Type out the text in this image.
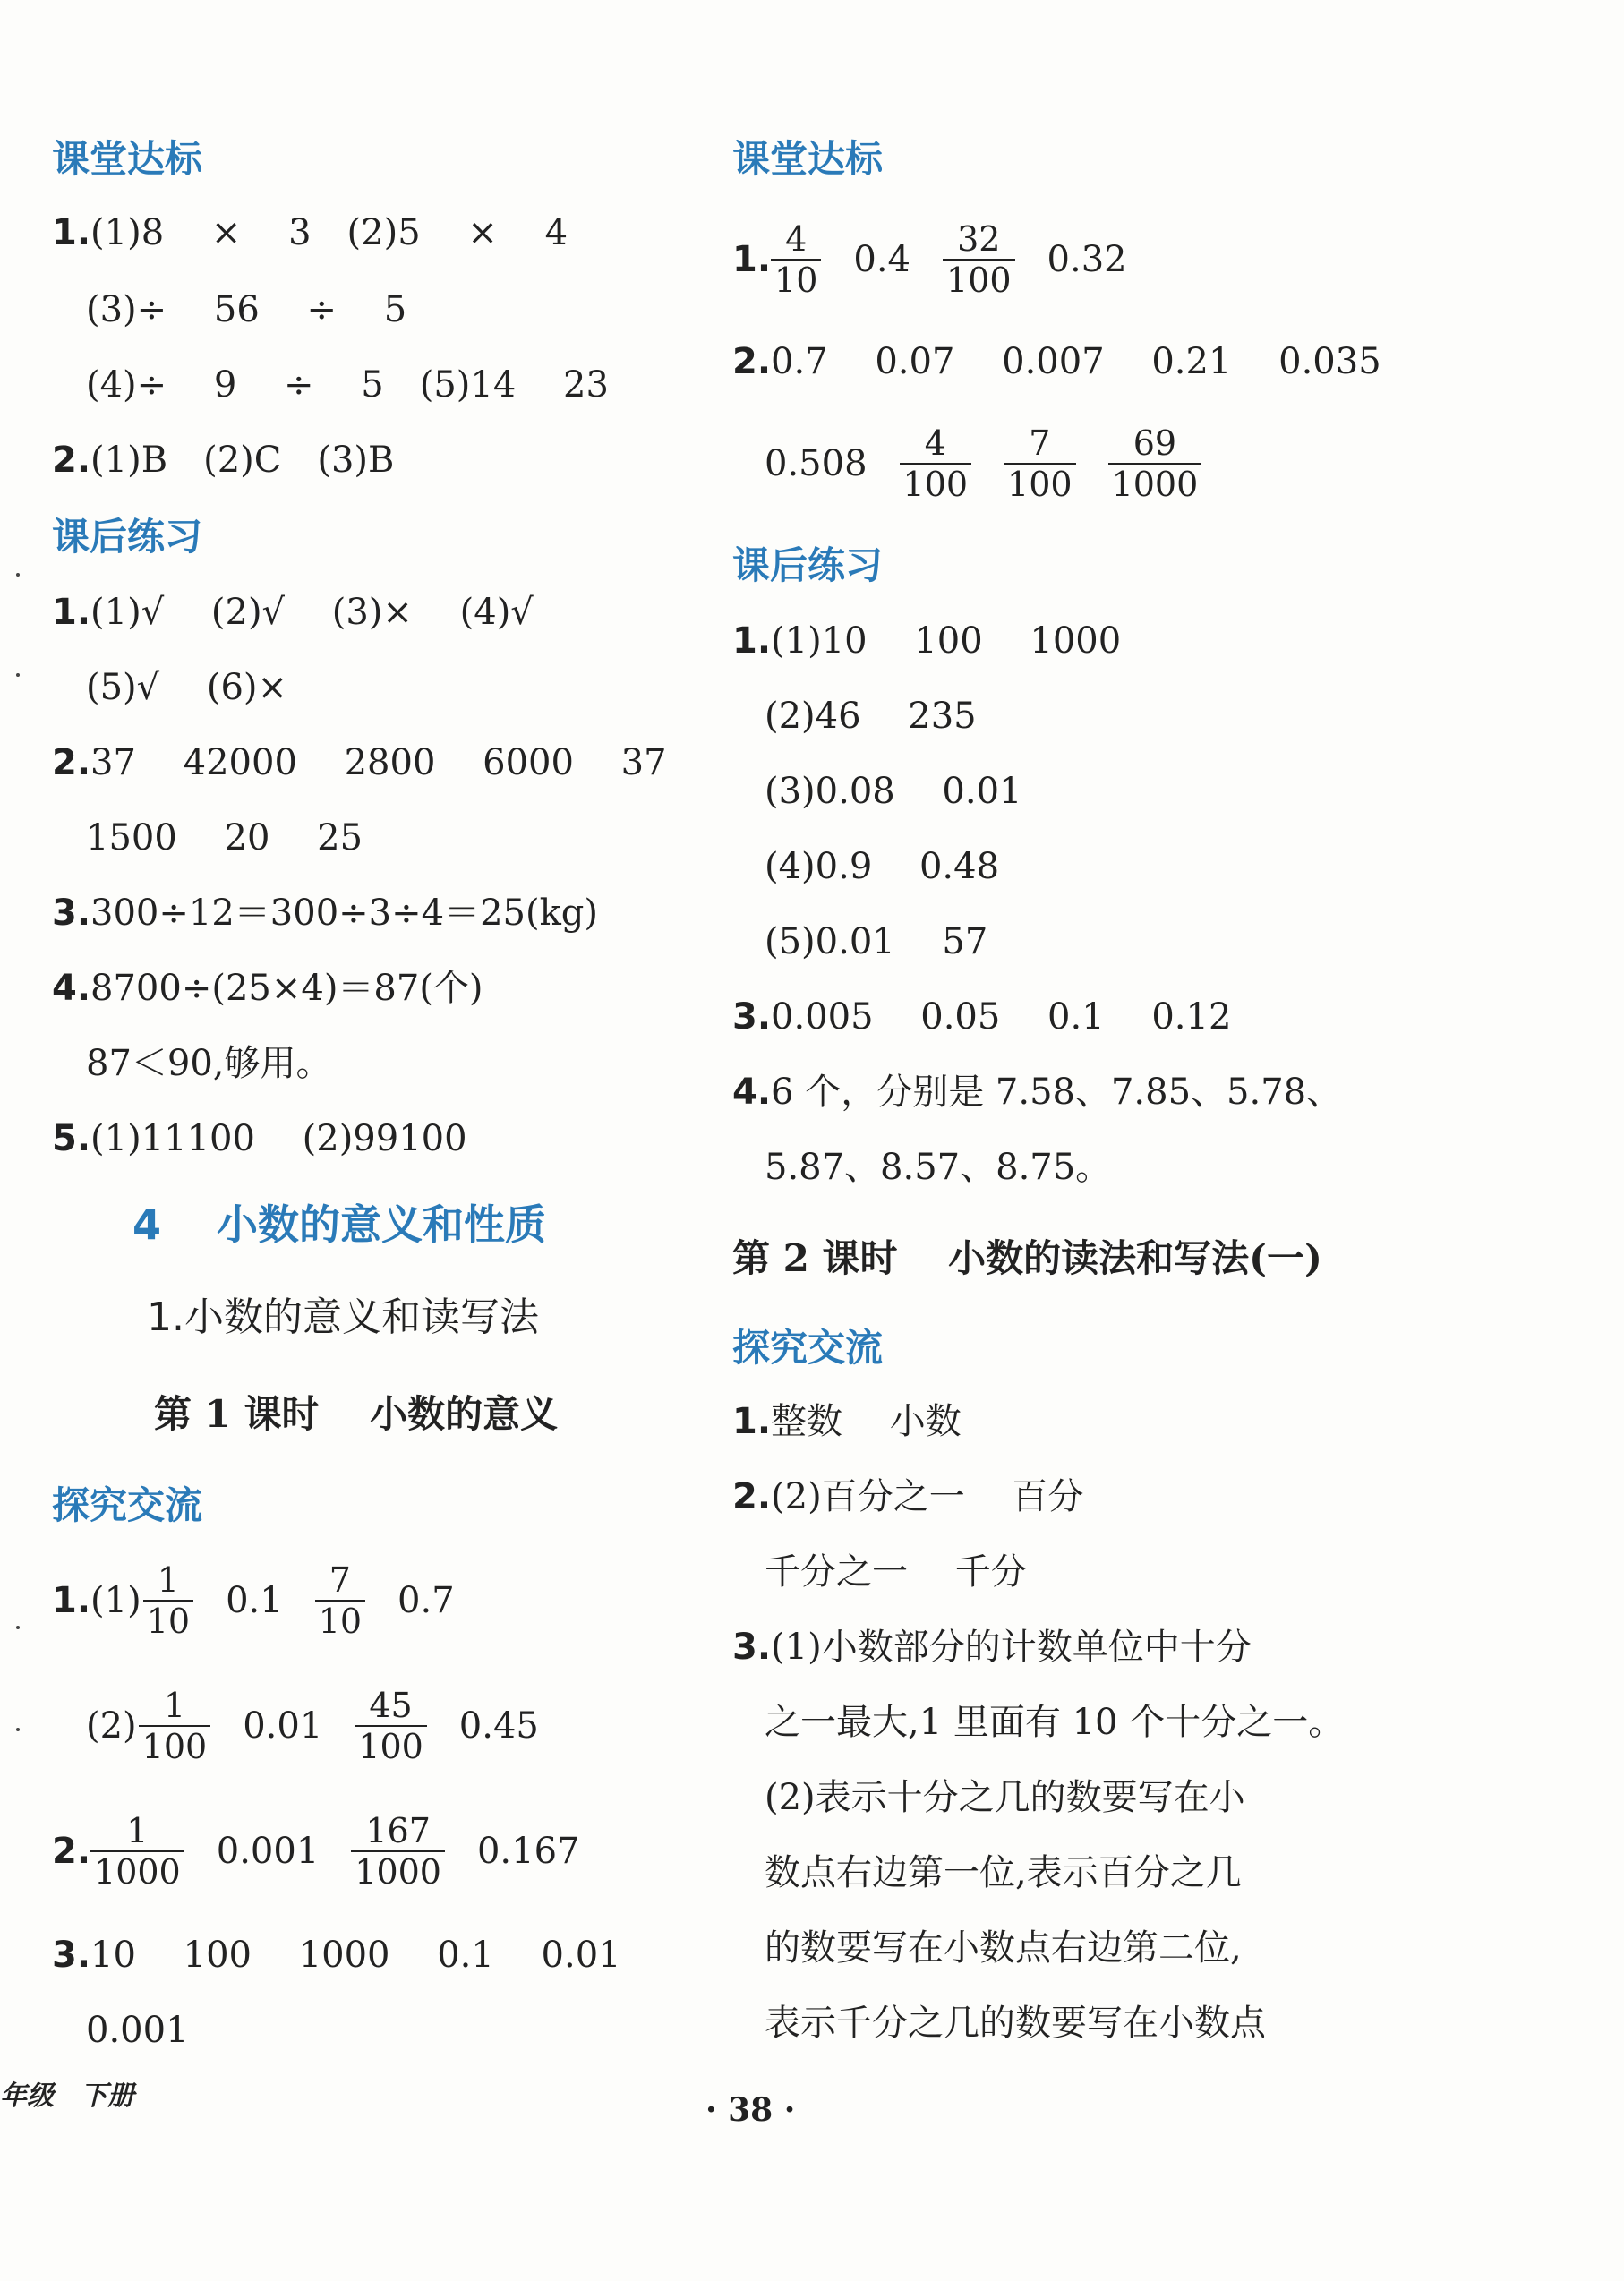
课堂达标
1.(1)8　 ×　 3　(2)5　 ×　 4
(3)÷　 56　 ÷　 5
(4)÷　 9　 ÷　 5　(5)14　 23
2.(1)B　(2)C　(3)B
课后练习
1.(1)√　 (2)√　 (3)×　 (4)√
(5)√　 (6)×
2.37　 42000　 2800　 6000　 37
1500　 20　 25
3.300÷12＝300÷3÷4＝25(kg)
4.8700÷(25×4)＝87(个)
87＜90,够用。
5.(1)11100　 (2)99100
4　 小数的意义和性质
1.小数的意义和读写法
第 1 课时　 小数的意义
探究交流
$1.(1) \frac{1}{10} 0.1 \frac{7}{10} 0.7$
$(2) \frac{1}{100} 0.01 \frac{45}{100} 0.45$
2. $\frac{1}{1000} 0.001 \frac{167}{1000} 0.167$
3.10　 100　 1000　 0.1　 0.01
0.001
年级　下册
课堂达标
1. $\frac{4}{10} 0.4 \frac{32}{100} 0.32$
2.0.7　 0.07　 0.007　 0.21　 0.035
$0.508 \frac{4}{100} \frac{7}{100} \frac{69}{1000}$
课后练习
1.(1)10　 100　 1000
(2)46　 235
(3)0.08　 0.01
(4)0.9　 0.48
(5)0.01　 57
3.0.005　 0.05　 0.1　 0.12
4.6 个，分别是 7.58、7.85、5.78、
5.87、8.57、8.75。
第 2 课时　 小数的读法和写法(一)
探究交流
1.整数　 小数
2.(2)百分之一　 百分
千分之一　 千分
3.(1)小数部分的计数单位中十分
之一最大,1 里面有 10 个十分之一。
(2)表示十分之几的数要写在小
数点右边第一位,表示百分之几
的数要写在小数点右边第二位,
表示千分之几的数要写在小数点
· 38 ·
